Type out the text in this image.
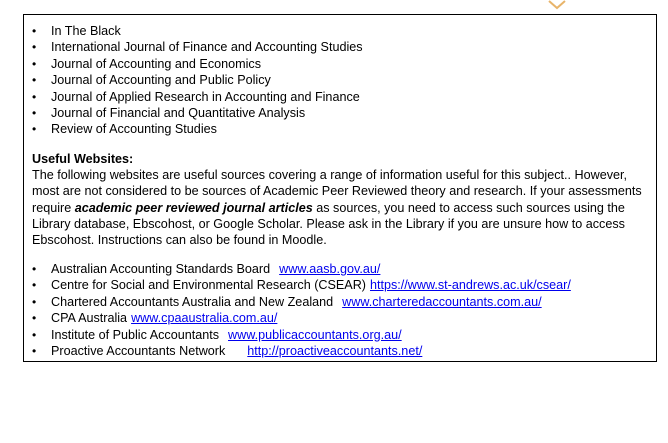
•	In The Black
•	International Journal of Finance and Accounting Studies
•	Journal of Accounting and Economics
•	Journal of Accounting and Public Policy
•	Journal of Applied Research in Accounting and Finance
•	Journal of Financial and Quantitative Analysis
•	Review of Accounting Studies
Useful Websites:
The following websites are useful sources covering a range of information useful for this subject.. However, most are not considered to be sources of Academic Peer Reviewed theory and research. If your assessments require academic peer reviewed journal articles as sources, you need to access such sources using the Library database, Ebscohost, or Google Scholar. Please ask in the Library if you are unsure how to access Ebscohost. Instructions can also be found in Moodle.
•	Australian Accounting Standards Board www.aasb.gov.au/
•	Centre for Social and Environmental Research (CSEAR) https://www.st-andrews.ac.uk/csear/
•	Chartered Accountants Australia and New Zealand www.charteredaccountants.com.au/
•	CPA Australia www.cpaaustralia.com.au/
•	Institute of Public Accountants www.publicaccountants.org.au/
•	Proactive Accountants Network http://proactiveaccountants.net/
